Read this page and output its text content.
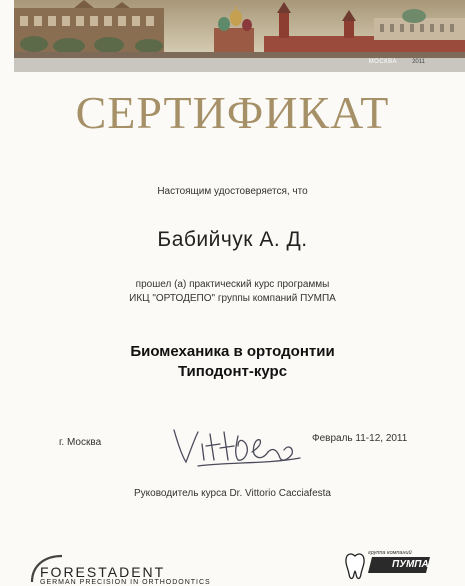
МОСКВА	2011
СЕРТИФИКАТ
Настоящим удостоверяется, что
Бабийчук А. Д.
прошел (а) практический курс программы
ИКЦ "ОРТОДЕПО" группы компаний ПУМПА
Биомеханика в ортодонтии
Типодонт-курс
г. Москва	Февраль 11-12, 2011
Руководитель курса Dr. Vittorio Cacciafesta
FORESTADENT
GERMAN PRECISION IN ORTHODONTICS
группа компаний
ПУМПА
